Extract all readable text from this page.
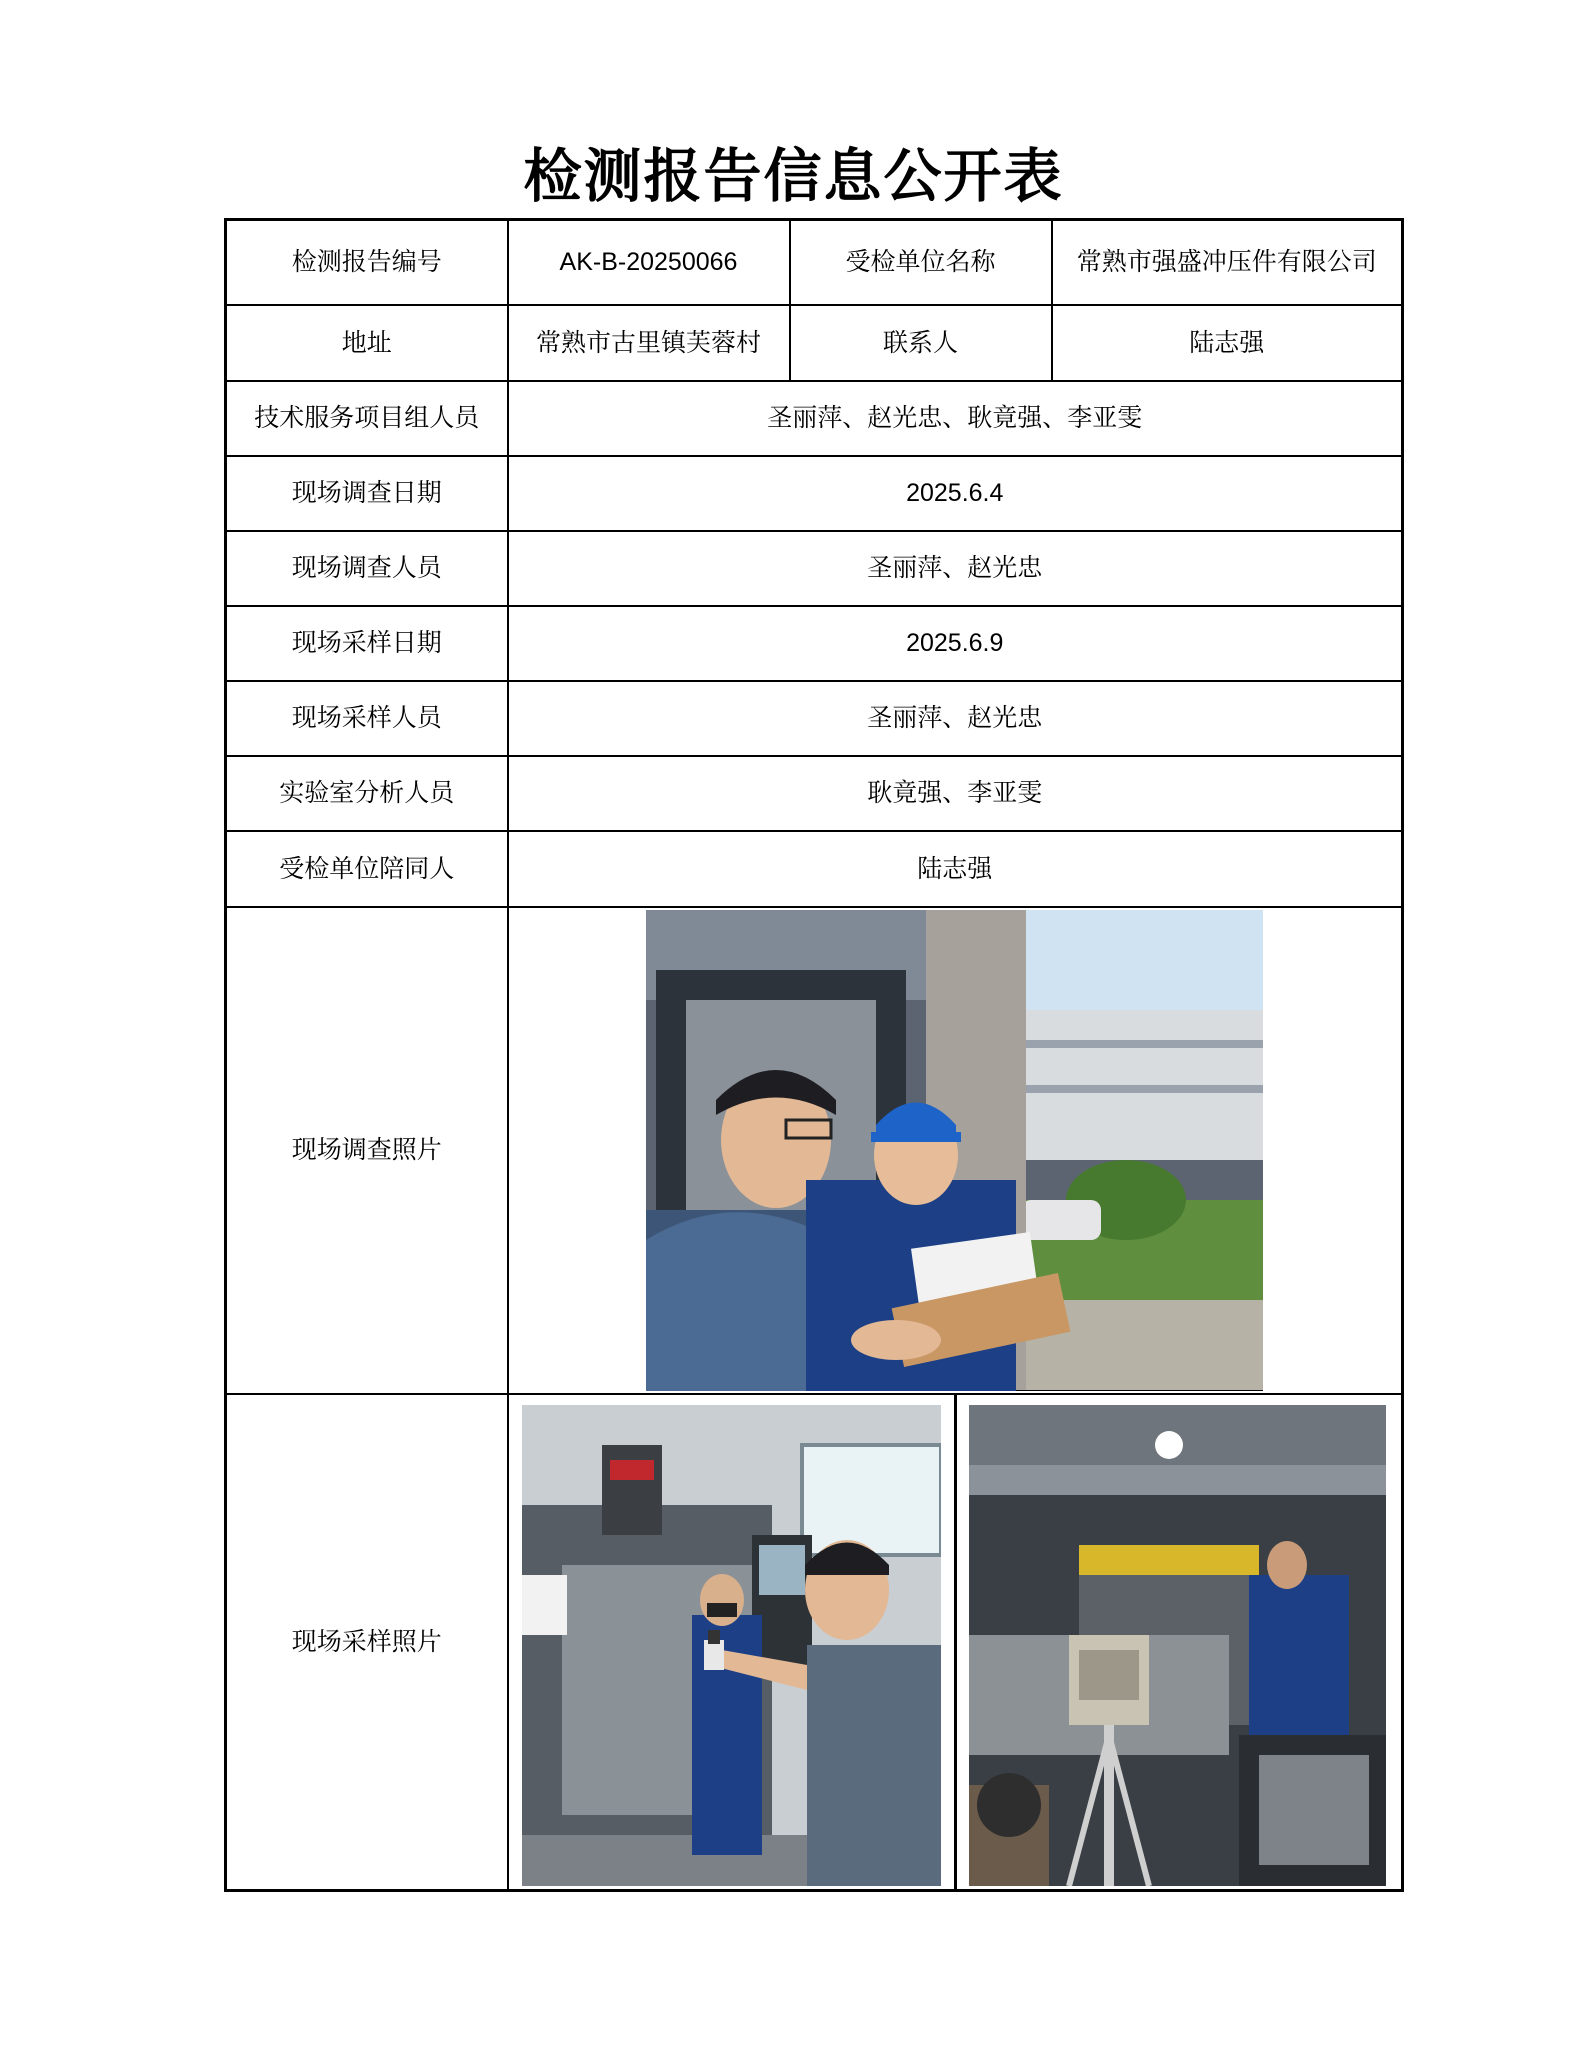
检测报告信息公开表
检测报告编号	AK-B-20250066	受检单位名称	常熟市强盛冲压件有限公司
地址	常熟市古里镇芙蓉村	联系人	陆志强
技术服务项目组人员	圣丽萍、赵光忠、耿竟强、李亚雯		
现场调查日期	2025.6.4		
现场调查人员	圣丽萍、赵光忠		
现场采样日期	2025.6.9		
现场采样人员	圣丽萍、赵光忠		
实验室分析人员	耿竟强、李亚雯		
受检单位陪同人	陆志强		
现场调查照片	

现场采样照片	
